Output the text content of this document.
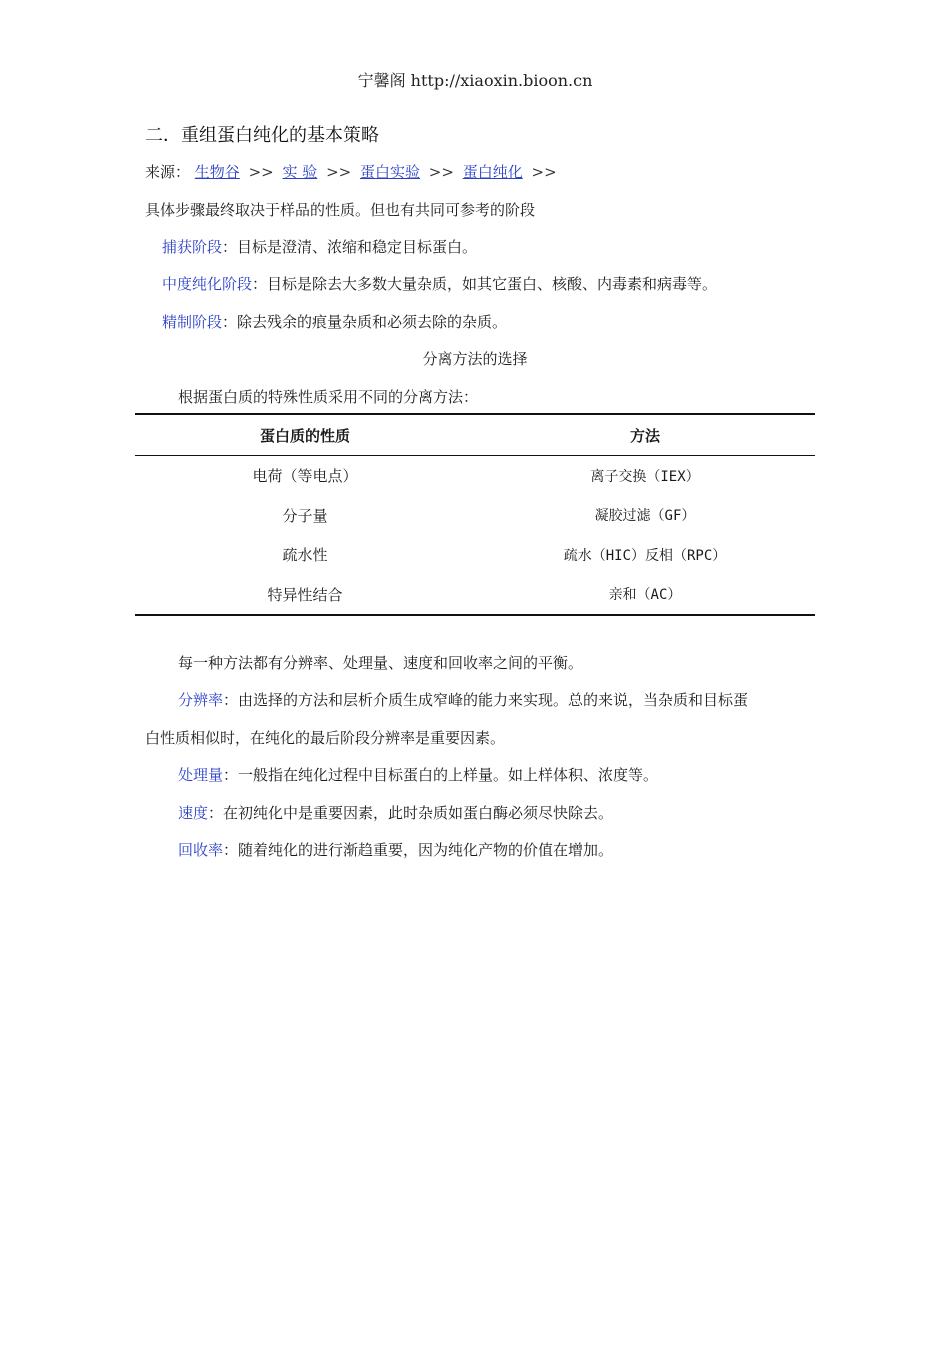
宁馨阁 http://xiaoxin.bioon.cn
二．重组蛋白纯化的基本策略
来源： 生物谷 >> 实 验 >> 蛋白实验 >> 蛋白纯化 >>
具体步骤最终取决于样品的性质。但也有共同可参考的阶段
捕获阶段：目标是澄清、浓缩和稳定目标蛋白。
中度纯化阶段：目标是除去大多数大量杂质，如其它蛋白、核酸、内毒素和病毒等。
精制阶段：除去残余的痕量杂质和必须去除的杂质。
分离方法的选择
根据蛋白质的特殊性质采用不同的分离方法：
蛋白质的性质	方法
电荷（等电点）	离子交换（IEX）
分子量	凝胶过滤（GF）
疏水性	疏水（HIC）反相（RPC）
特异性结合	亲和（AC）
每一种方法都有分辨率、处理量、速度和回收率之间的平衡。
分辨率：由选择的方法和层析介质生成窄峰的能力来实现。总的来说，当杂质和目标蛋
白性质相似时，在纯化的最后阶段分辨率是重要因素。
处理量：一般指在纯化过程中目标蛋白的上样量。如上样体积、浓度等。
速度：在初纯化中是重要因素，此时杂质如蛋白酶必须尽快除去。
回收率：随着纯化的进行渐趋重要，因为纯化产物的价值在增加。
